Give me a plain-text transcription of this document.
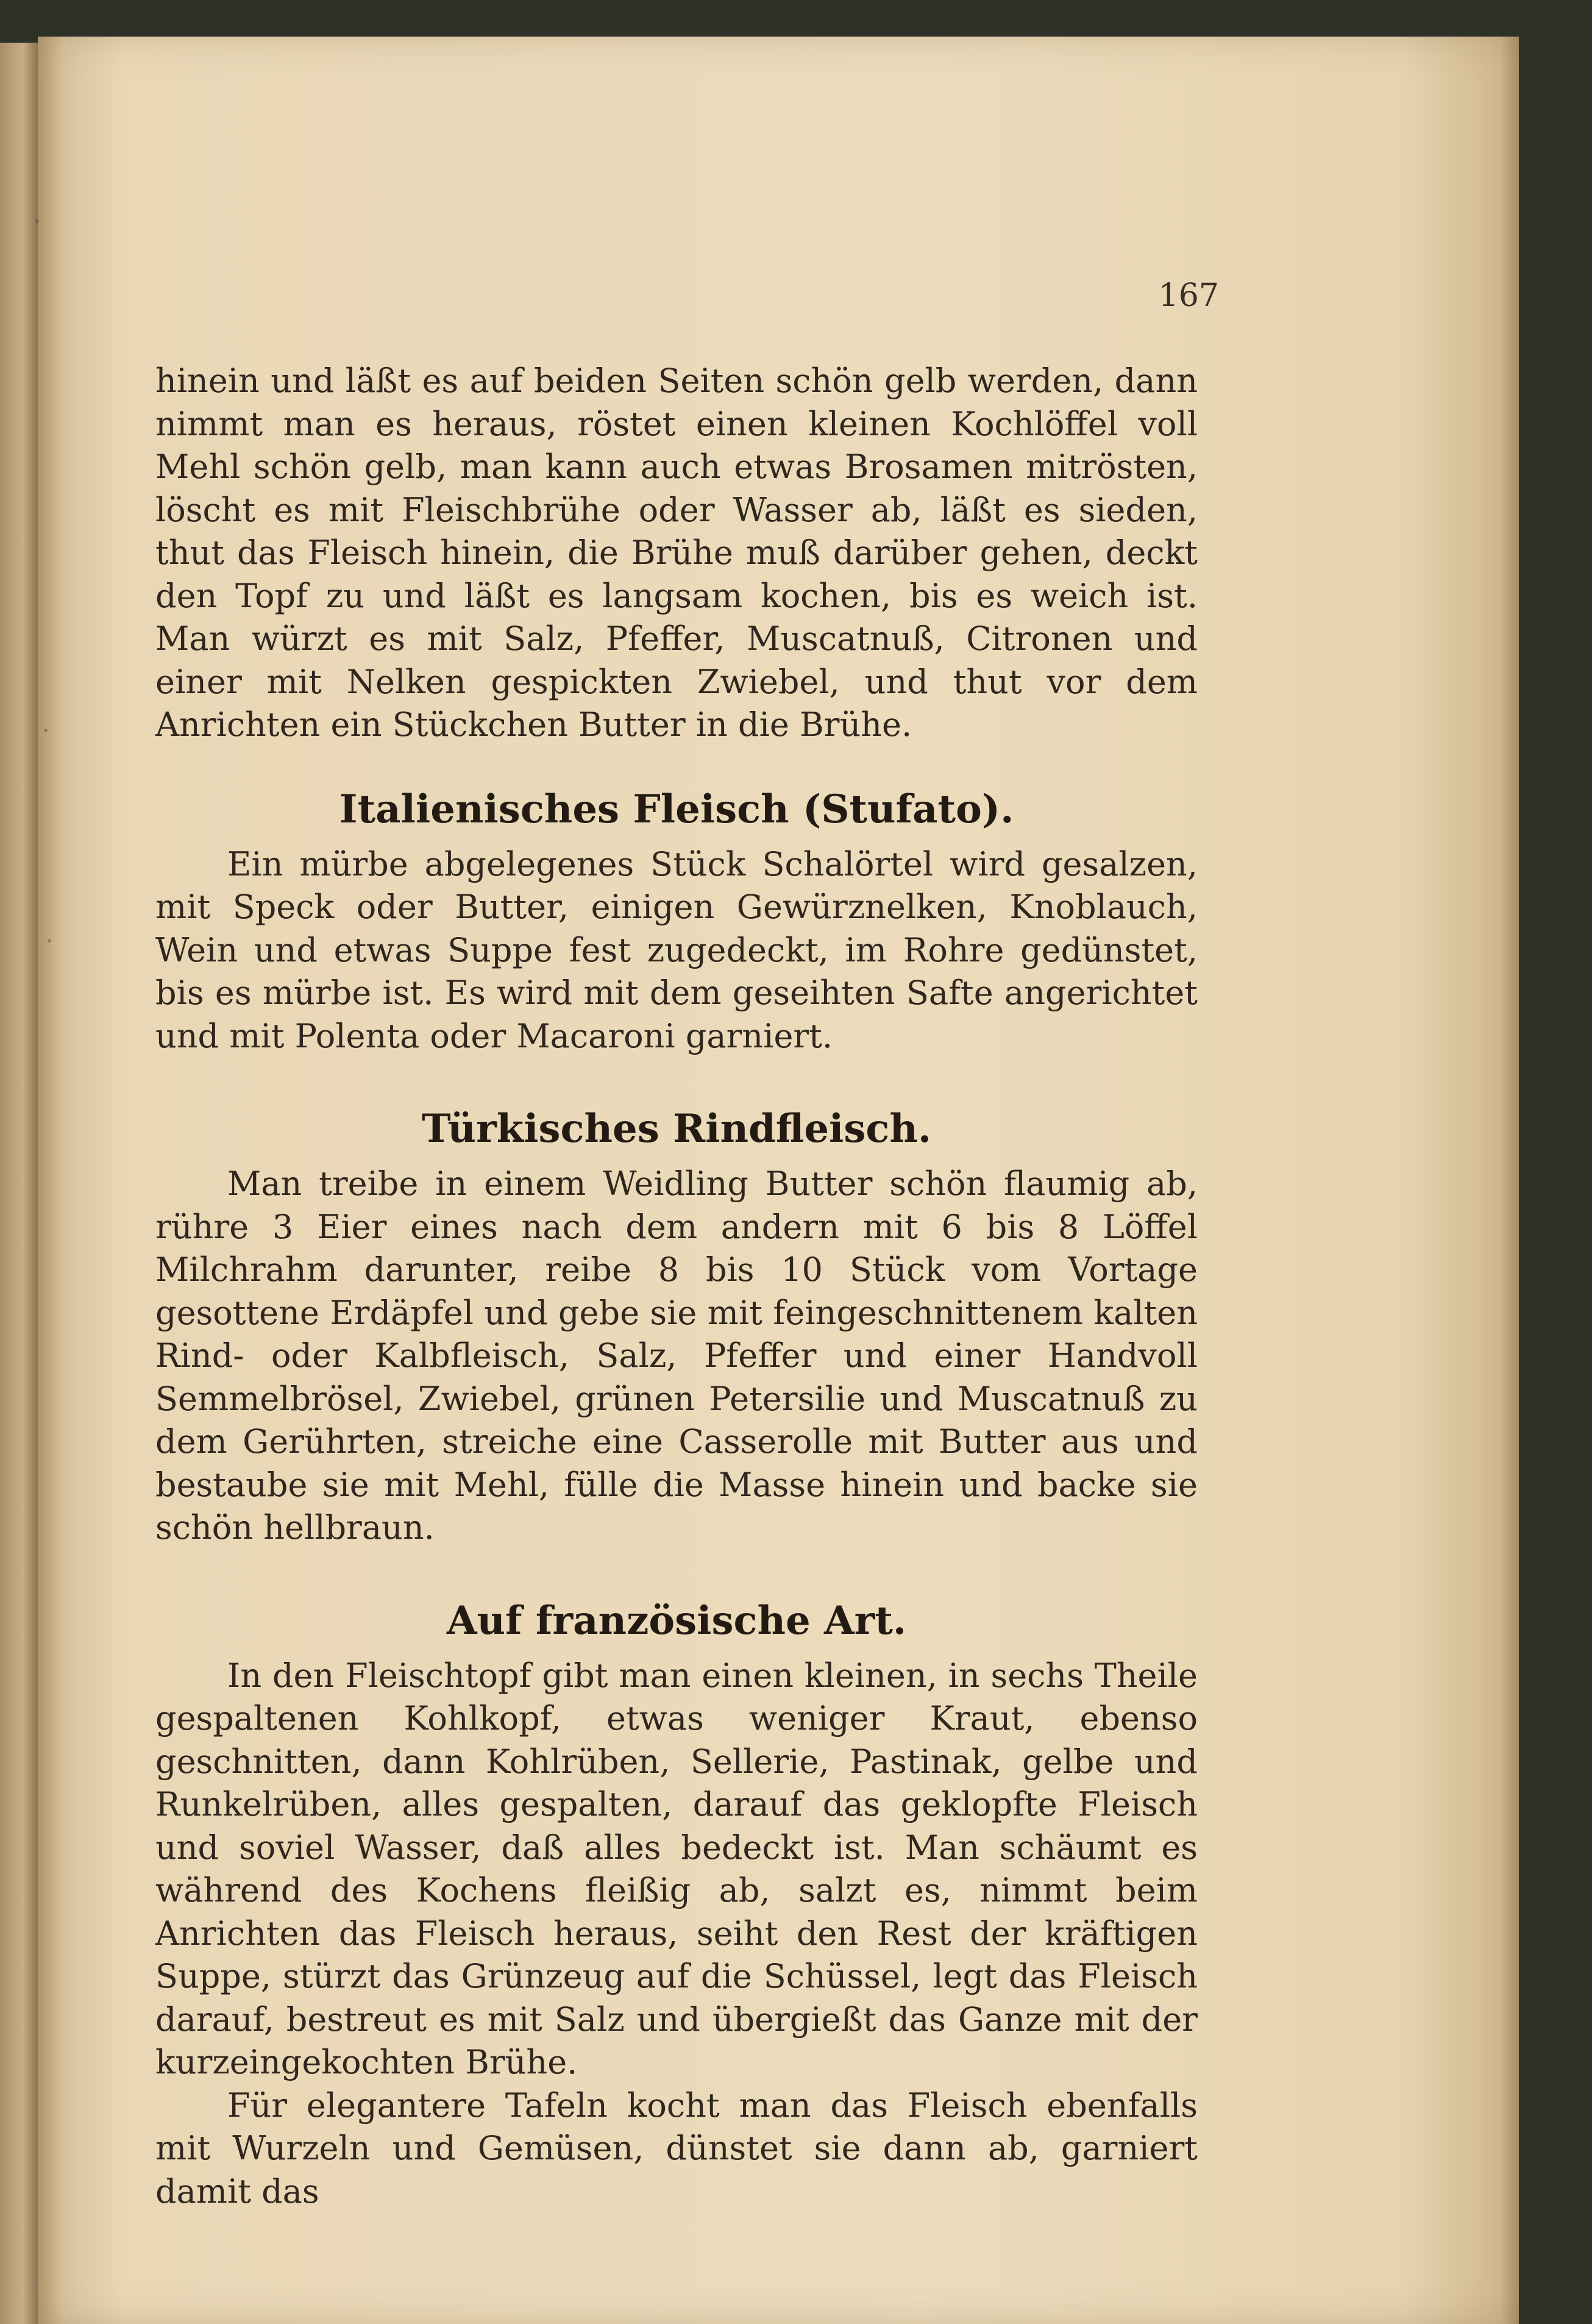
167

hinein und läßt es auf beiden Seiten schön gelb werden, dann nimmt man es heraus, röstet einen kleinen Kochlöffel voll Mehl schön gelb, man kann auch etwas Brosamen mitrösten, löscht es mit Fleischbrühe oder Wasser ab, läßt es sieden, thut das Fleisch hinein, die Brühe muß darüber gehen, deckt den Topf zu und läßt es langsam kochen, bis es weich ist. Man würzt es mit Salz, Pfeffer, Muscatnuß, Citronen und einer mit Nelken gespickten Zwiebel, und thut vor dem Anrichten ein Stückchen Butter in die Brühe.

Italienisches Fleisch (Stufato).

Ein mürbe abgelegenes Stück Schalörtel wird gesalzen, mit Speck oder Butter, einigen Gewürznelken, Knoblauch, Wein und etwas Suppe fest zugedeckt, im Rohre gedünstet, bis es mürbe ist. Es wird mit dem geseihten Safte angerichtet und mit Polenta oder Macaroni garniert.

Türkisches Rindfleisch.

Man treibe in einem Weidling Butter schön flaumig ab, rühre 3 Eier eines nach dem andern mit 6 bis 8 Löffel Milchrahm darunter, reibe 8 bis 10 Stück vom Vortage gesottene Erdäpfel und gebe sie mit feingeschnittenem kalten Rind- oder Kalbfleisch, Salz, Pfeffer und einer Handvoll Semmelbrösel, Zwiebel, grünen Petersilie und Muscatnuß zu dem Gerührten, streiche eine Casserolle mit Butter aus und bestaube sie mit Mehl, fülle die Masse hinein und backe sie schön hellbraun.

Auf französische Art.

In den Fleischtopf gibt man einen kleinen, in sechs Theile gespaltenen Kohlkopf, etwas weniger Kraut, ebenso geschnitten, dann Kohlrüben, Sellerie, Pastinak, gelbe und Runkelrüben, alles gespalten, darauf das geklopfte Fleisch und soviel Wasser, daß alles bedeckt ist. Man schäumt es während des Kochens fleißig ab, salzt es, nimmt beim Anrichten das Fleisch heraus, seiht den Rest der kräftigen Suppe, stürzt das Grünzeug auf die Schüssel, legt das Fleisch darauf, bestreut es mit Salz und übergießt das Ganze mit der kurzeingekochten Brühe.

Für elegantere Tafeln kocht man das Fleisch ebenfalls mit Wurzeln und Gemüsen, dünstet sie dann ab, garniert damit das
